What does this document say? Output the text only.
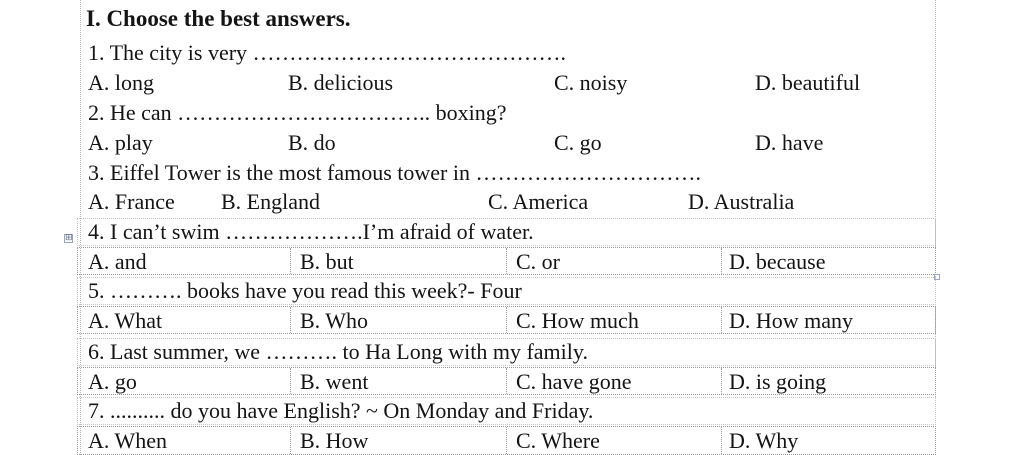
⊞
I. Choose the best answers.
1. The city is very …………………………………….
A. long	B. delicious	C. noisy	D. beautiful
2. He can …………………………….. boxing?
A. play	B. do	C. go	D. have
3. Eiffel Tower is the most famous tower in ………………………….
A. France B. England	C. America	D. Australia
4. I can’t swim ……………….I’m afraid of water.
A. and	B. but	C. or	D. because
5. ………. books have you read this week?- Four
A. What	B. Who	C. How much	D. How many
6. Last summer, we ………. to Ha Long with my family.
A. go	B. went	C. have gone	D. is going
7. .......... do you have English? ~ On Monday and Friday.
A. When	B. How	C. Where	D. Why
